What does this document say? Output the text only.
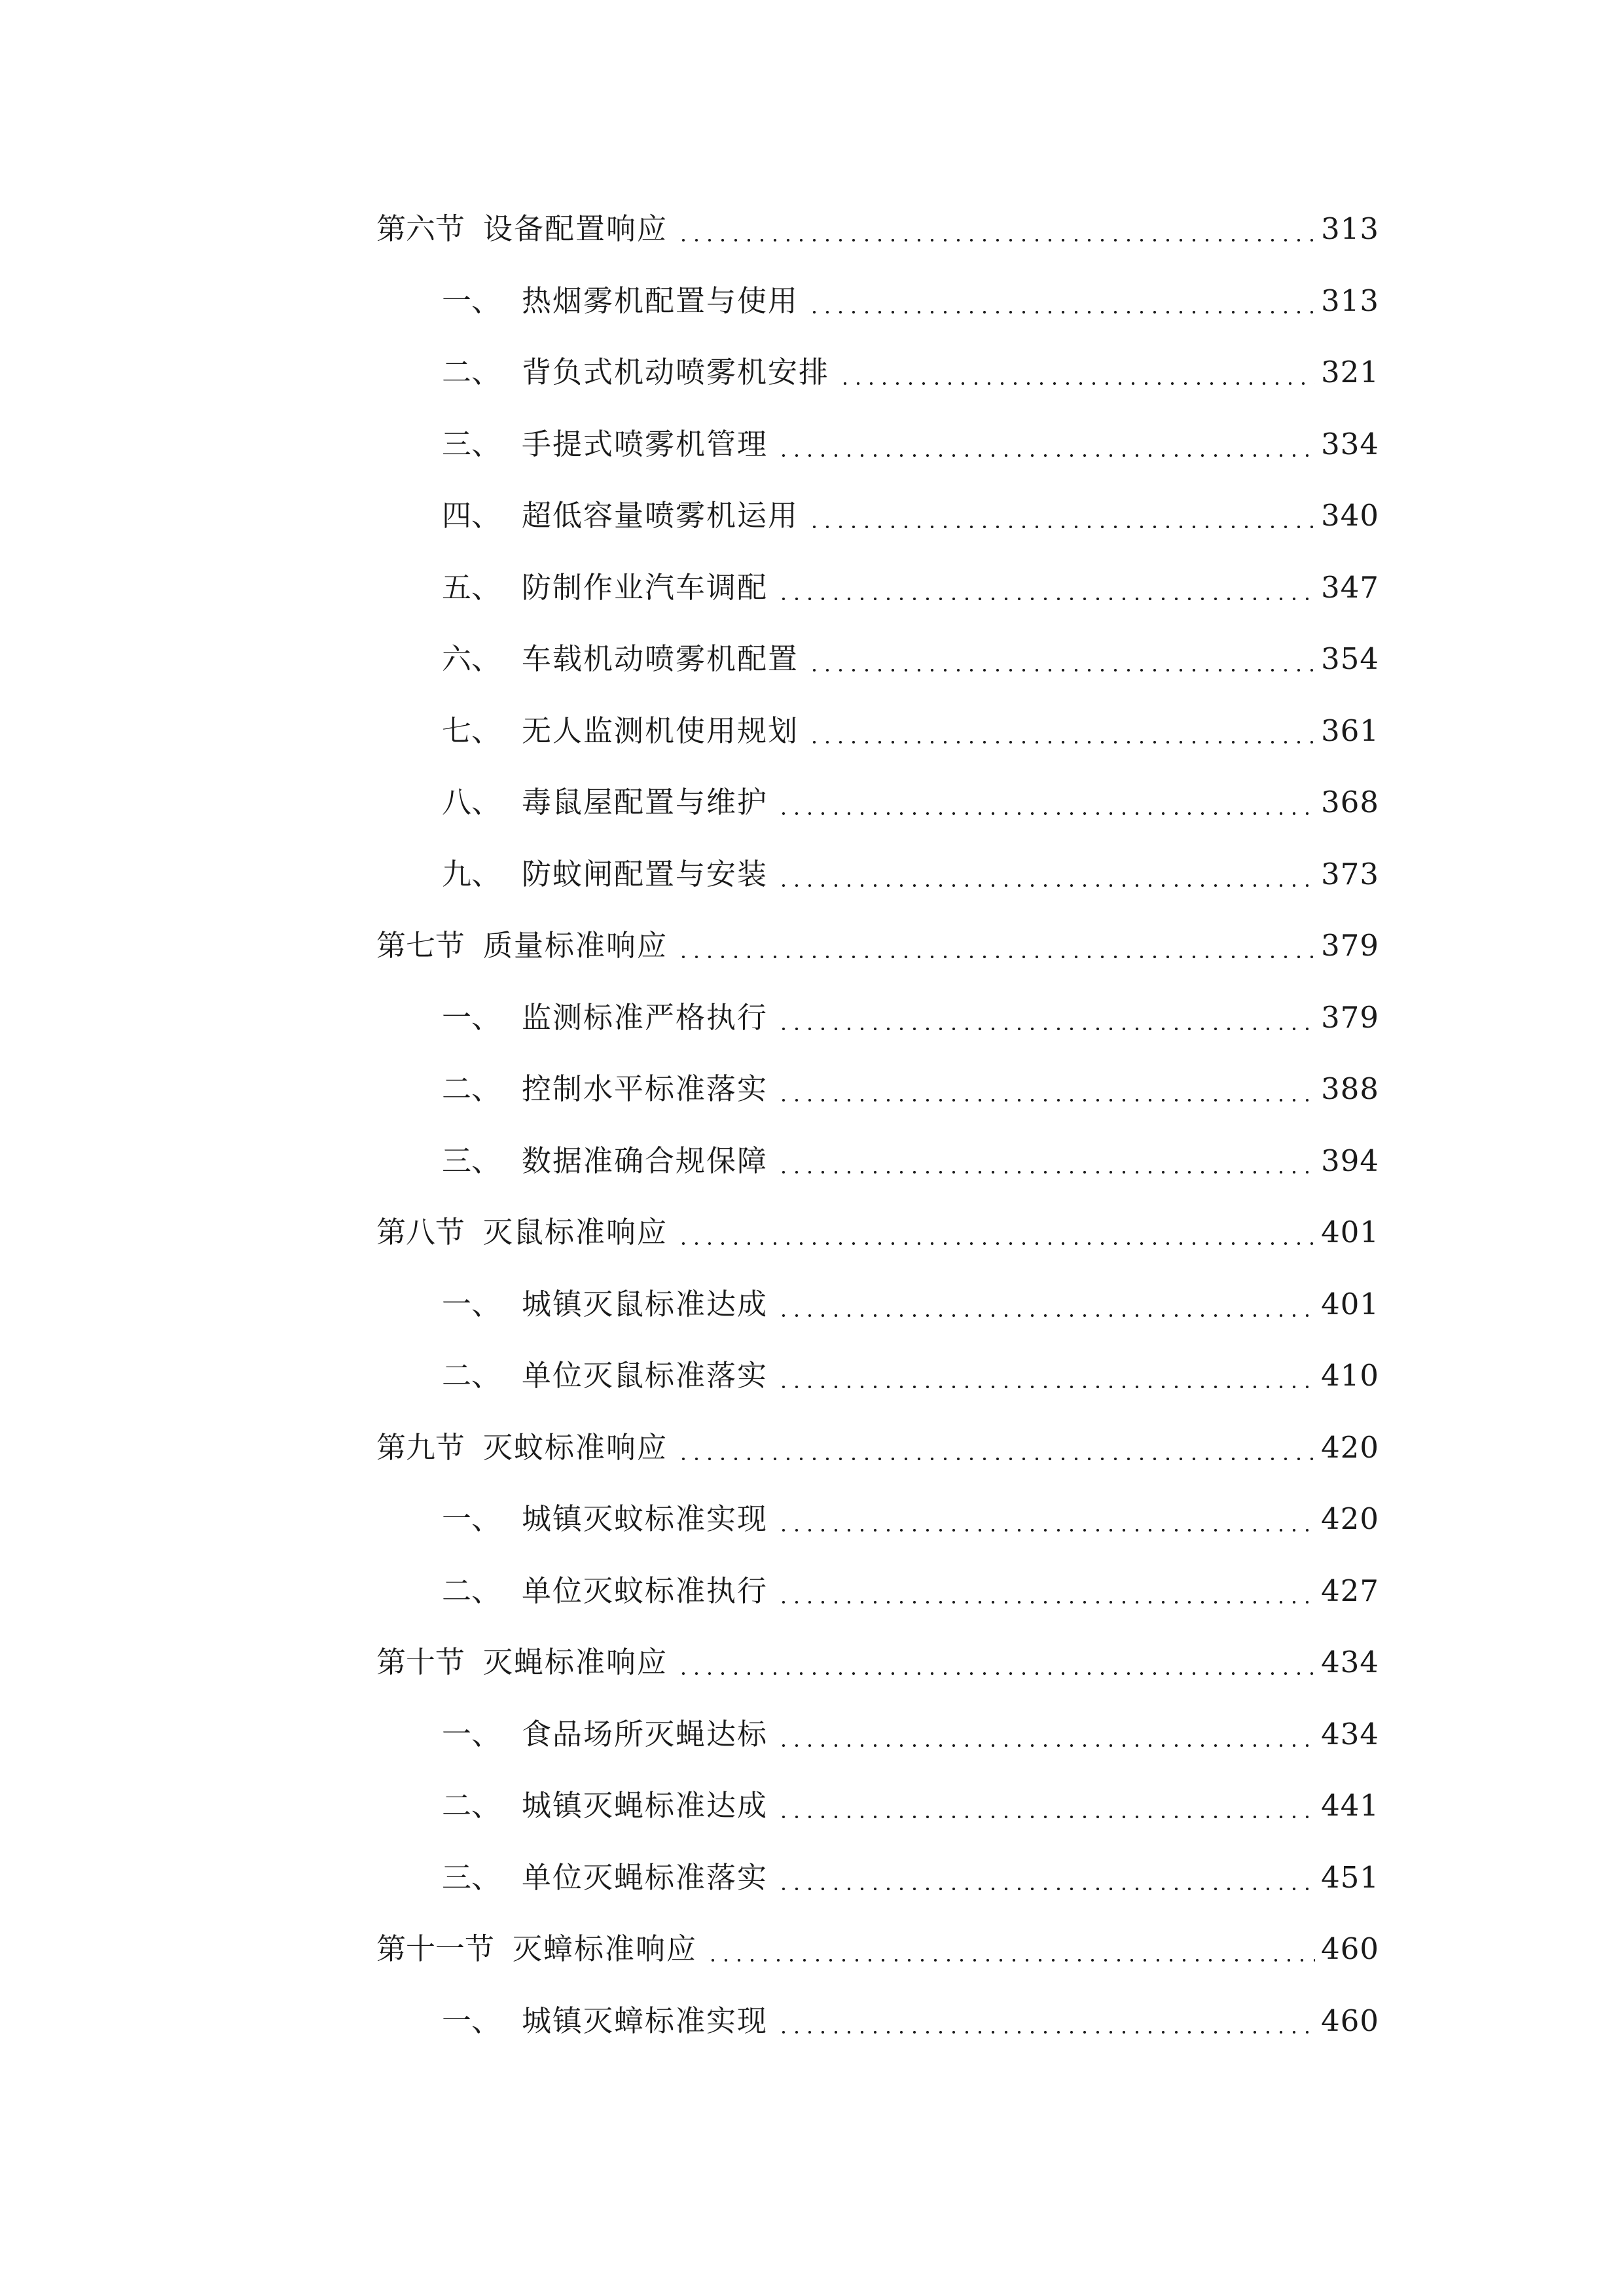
第六节 设备配置响应	313
一、 热烟雾机配置与使用	313
二、 背负式机动喷雾机安排	321
三、 手提式喷雾机管理	334
四、 超低容量喷雾机运用	340
五、 防制作业汽车调配	347
六、 车载机动喷雾机配置	354
七、 无人监测机使用规划	361
八、 毒鼠屋配置与维护	368
九、 防蚊闸配置与安装	373
第七节 质量标准响应	379
一、 监测标准严格执行	379
二、 控制水平标准落实	388
三、 数据准确合规保障	394
第八节 灭鼠标准响应	401
一、 城镇灭鼠标准达成	401
二、 单位灭鼠标准落实	410
第九节 灭蚊标准响应	420
一、 城镇灭蚊标准实现	420
二、 单位灭蚊标准执行	427
第十节 灭蝇标准响应	434
一、 食品场所灭蝇达标	434
二、 城镇灭蝇标准达成	441
三、 单位灭蝇标准落实	451
第十一节 灭蟑标准响应	460
一、 城镇灭蟑标准实现	460
